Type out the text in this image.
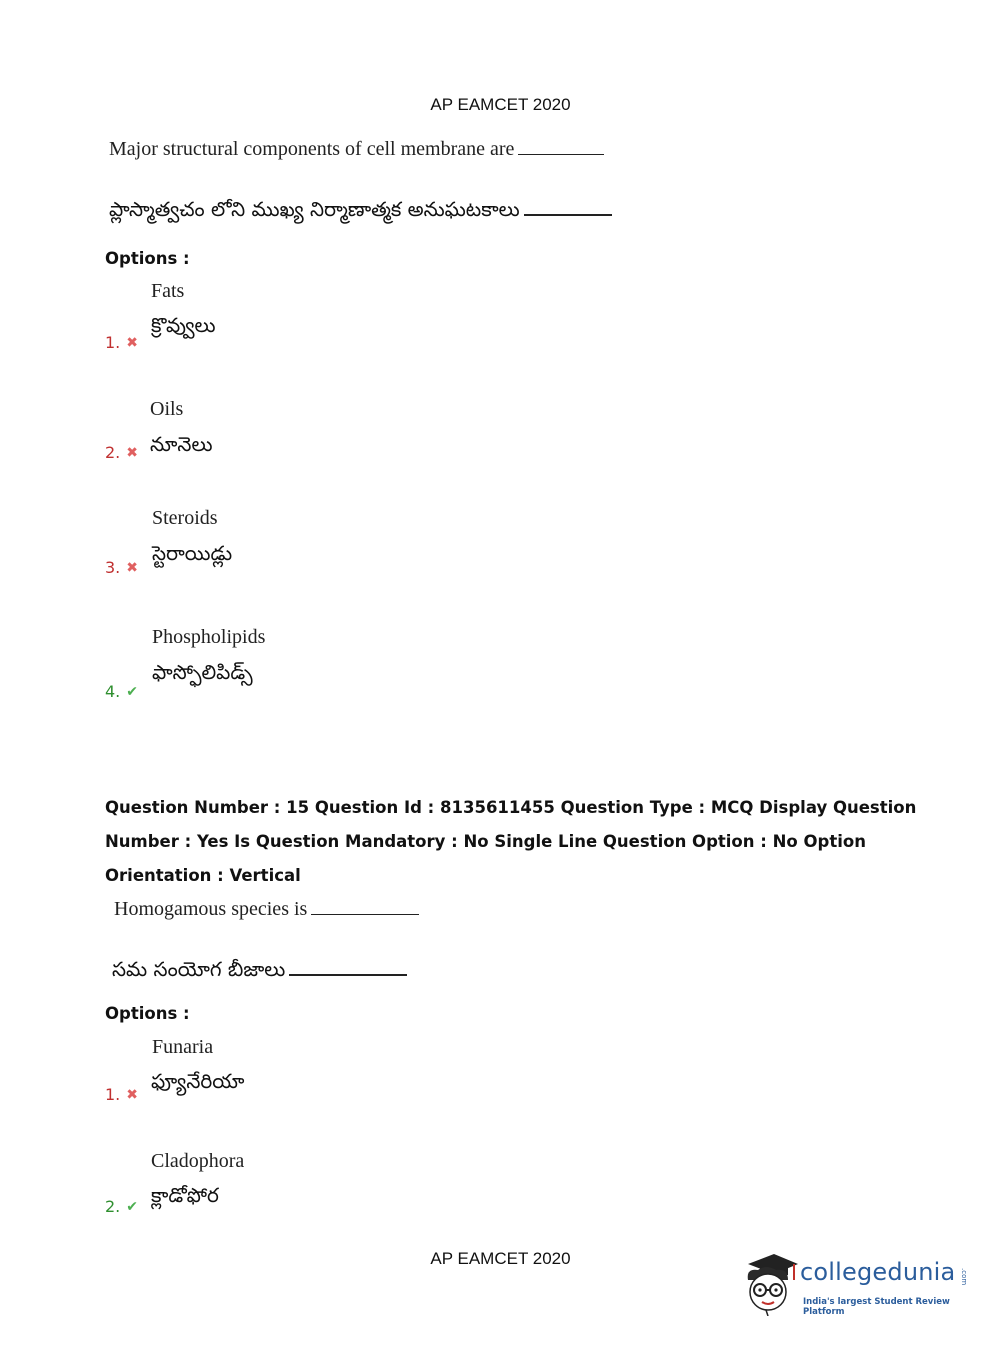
AP EAMCET 2020
Major structural components of cell membrane are
ప్లాస్మాత్వచం లోని ముఖ్య నిర్మాణాత్మక అనుఘటకాలు
Options :
Fats
క్రొవ్వులు
1. ✖
Oils
నూనెలు
2. ✖
Steroids
స్టెరాయిడ్లు
3. ✖
Phospholipids
ఫాస్ఫోలిపిడ్స్
4. ✔
Question Number : 15 Question Id : 8135611455 Question Type : MCQ Display Question
Number : Yes Is Question Mandatory : No Single Line Question Option : No Option
Orientation : Vertical
Homogamous species is
సమ సంయోగ బీజాలు
Options :
Funaria
ఫ్యూనేరియా
1. ✖
Cladophora
క్లాడోఫోర
2. ✔
AP EAMCET 2020	collegedunia
India's largest Student Review Platform
.com
